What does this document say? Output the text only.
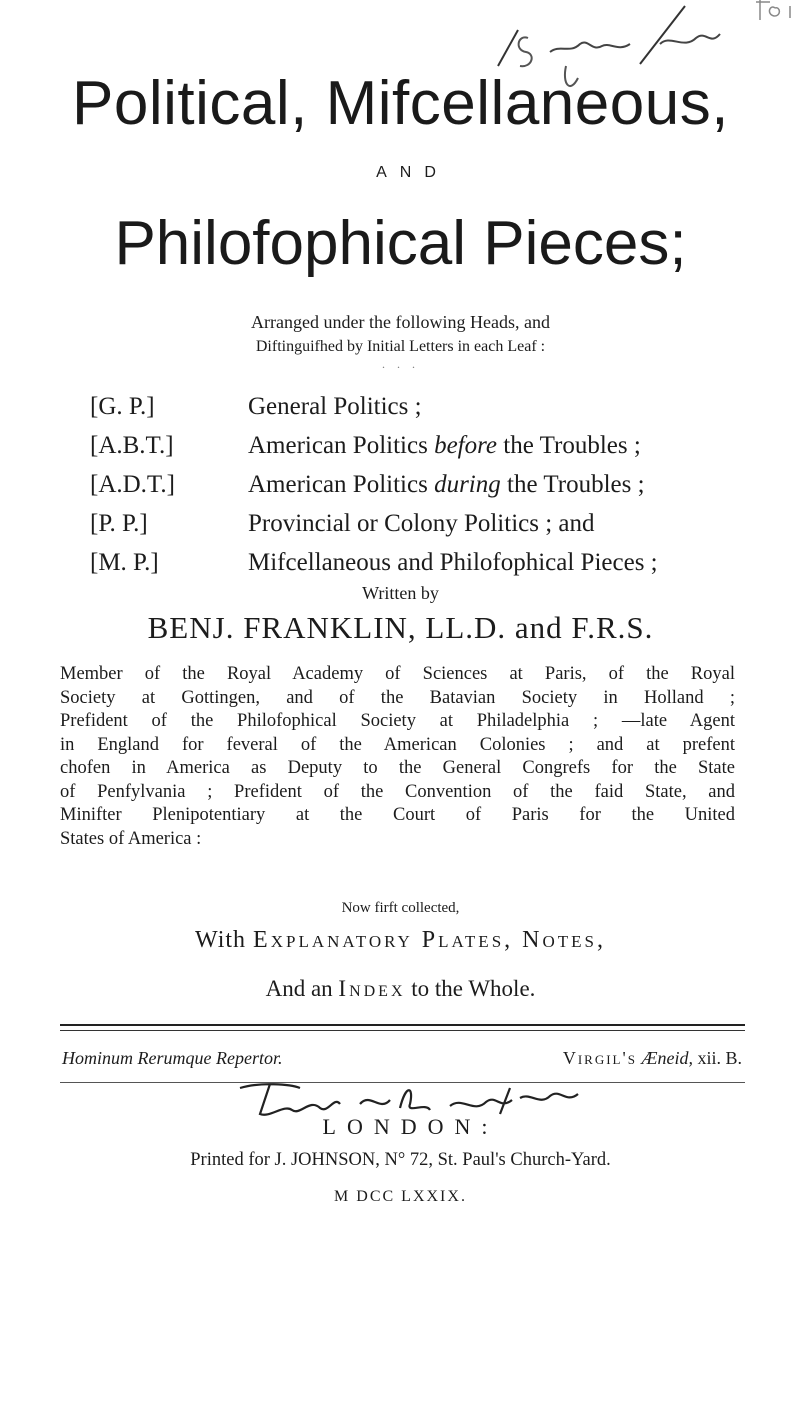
Political, Mifcellaneous,
AND
Philofophical Pieces;
Arranged under the following Heads, and
Diftinguifhed by Initial Letters in each Leaf :
· · ·
[G. P.]	General Politics ;
[A.B.T.]	American Politics before the Troubles ;
[A.D.T.]	American Politics during the Troubles ;
[P. P.]	Provincial or Colony Politics ; and
[M. P.]	Mifcellaneous and Philofophical Pieces ;
Written by
BENJ. FRANKLIN, LL.D. and F.R.S.
Member of the Royal Academy of Sciences at Paris, of the Royal
Society at Gottingen, and of the Batavian Society in Holland ;
Prefident of the Philofophical Society at Philadelphia ; —late Agent
in England for feveral of the American Colonies ; and at prefent
chofen in America as Deputy to the General Congrefs for the State
of Penfylvania ; Prefident of the Convention of the faid State, and
Minifter Plenipotentiary at the Court of Paris for the United
States of America :
Now firft collected,
With Explanatory Plates, Notes,
And an Index to the Whole.
Hominum Rerumque Repertor.	Virgil's Æneid, xii. B.
LONDON:
Printed for J. JOHNSON, N° 72, St. Paul's Church-Yard.
M DCC LXXIX.
